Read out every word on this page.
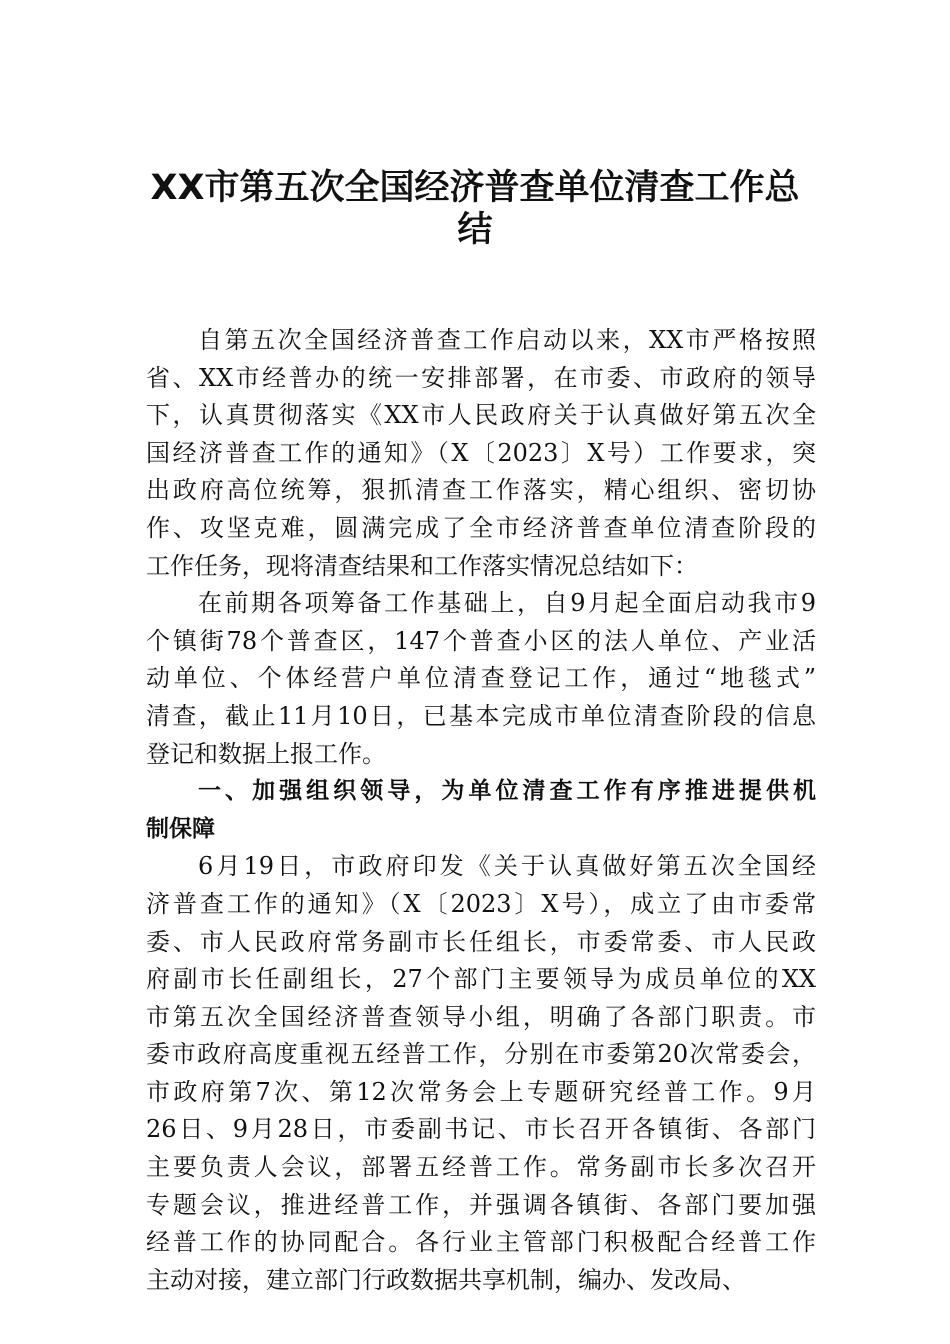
XX市第五次全国经济普查单位清查工作总
结
自第五次全国经济普查工作启动以来，XX市严格按照
省、XX市经普办的统一安排部署，在市委、市政府的领导
下，认真贯彻落实《XX市人民政府关于认真做好第五次全
国经济普查工作的通知》（X〔2023〕X号）工作要求，突
出政府高位统筹，狠抓清查工作落实，精心组织、密切协
作、攻坚克难，圆满完成了全市经济普查单位清查阶段的
工作任务，现将清查结果和工作落实情况总结如下：
在前期各项筹备工作基础上，自9月起全面启动我市9
个镇街78个普查区，147个普查小区的法人单位、产业活
动单位、个体经营户单位清查登记工作，通过“地毯式”
清查，截止11月10日，已基本完成市单位清查阶段的信息
登记和数据上报工作。
一、加强组织领导，为单位清查工作有序推进提供机
制保障
6月19日，市政府印发《关于认真做好第五次全国经
济普查工作的通知》（X〔2023〕X号），成立了由市委常
委、市人民政府常务副市长任组长，市委常委、市人民政
府副市长任副组长，27个部门主要领导为成员单位的XX
市第五次全国经济普查领导小组，明确了各部门职责。市
委市政府高度重视五经普工作，分别在市委第20次常委会，
市政府第7次、第12次常务会上专题研究经普工作。9月
26日、9月28日，市委副书记、市长召开各镇街、各部门
主要负责人会议，部署五经普工作。常务副市长多次召开
专题会议，推进经普工作，并强调各镇街、各部门要加强
经普工作的协同配合。各行业主管部门积极配合经普工作
主动对接，建立部门行政数据共享机制，编办、发改局、
